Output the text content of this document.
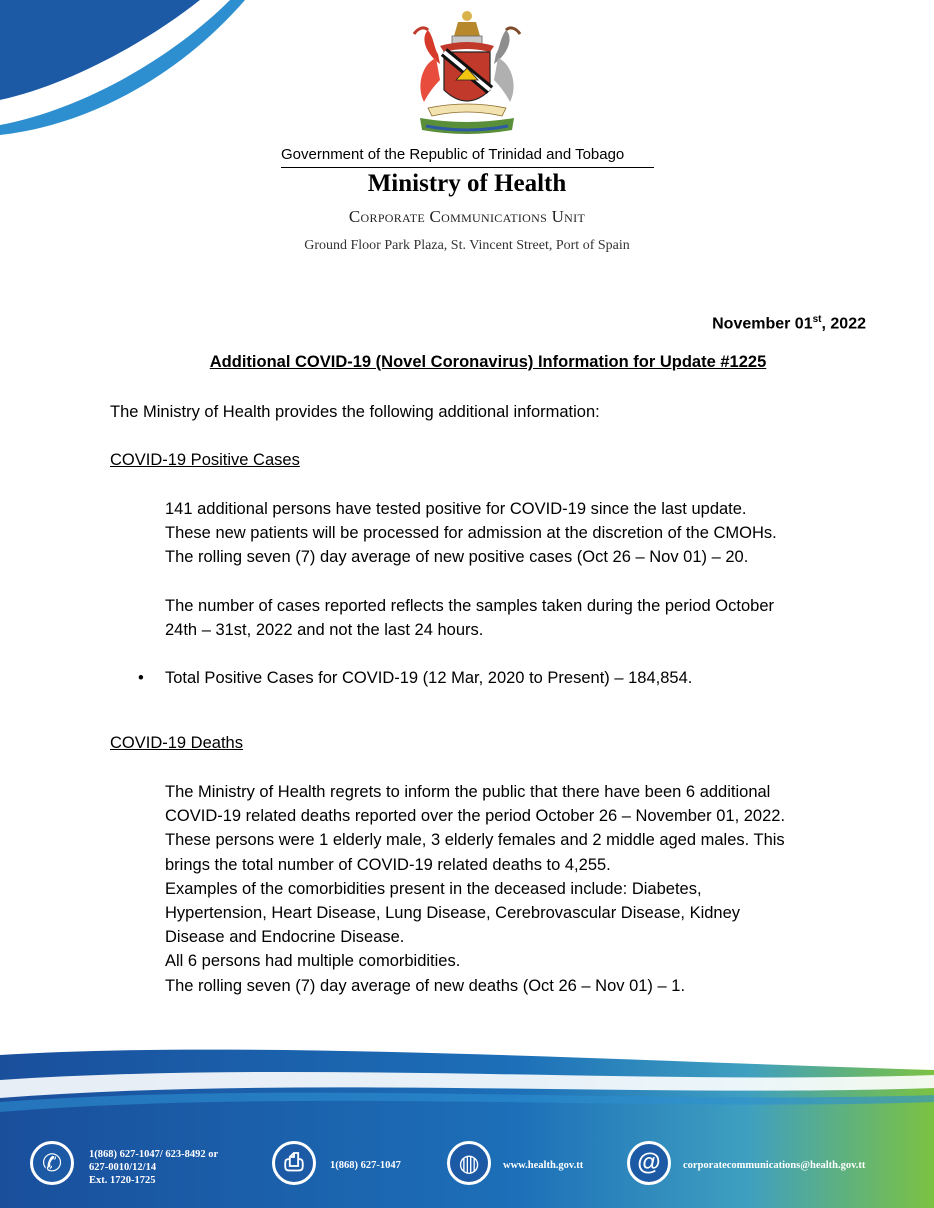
Government of the Republic of Trinidad and Tobago
Ministry of Health
Corporate Communications Unit
Ground Floor Park Plaza, St. Vincent Street, Port of Spain
November 01st, 2022
Additional COVID-19 (Novel Coronavirus) Information for Update #1225
The Ministry of Health provides the following additional information:
COVID-19 Positive Cases

141 additional persons have tested positive for COVID-19 since the last update.

These new patients will be processed for admission at the discretion of the CMOHs.

The rolling seven (7) day average of new positive cases (Oct 26 – Nov 01) – 20.

The number of cases reported reflects the samples taken during the period October

24th – 31st, 2022 and not the last 24 hours.

• Total Positive Cases for COVID-19 (12 Mar, 2020 to Present) – 184,854.
COVID-19 Deaths

The Ministry of Health regrets to inform the public that there have been 6 additional

COVID-19 related deaths reported over the period October 26 – November 01, 2022.

These persons were 1 elderly male, 3 elderly females and 2 middle aged males. This

brings the total number of COVID-19 related deaths to 4,255.

Examples of the comorbidities present in the deceased include: Diabetes,

Hypertension, Heart Disease, Lung Disease, Cerebrovascular Disease, Kidney

Disease and Endocrine Disease.

All 6 persons had multiple comorbidities.

The rolling seven (7) day average of new deaths (Oct 26 – Nov 01) – 1.

✆	1(868) 627-1047/ 623-8492 or
627-0010/12/14
Ext. 1720-1725
⎙	1(868) 627-1047	◍	www.health.gov.tt	@	corporatecommunications@health.gov.tt
